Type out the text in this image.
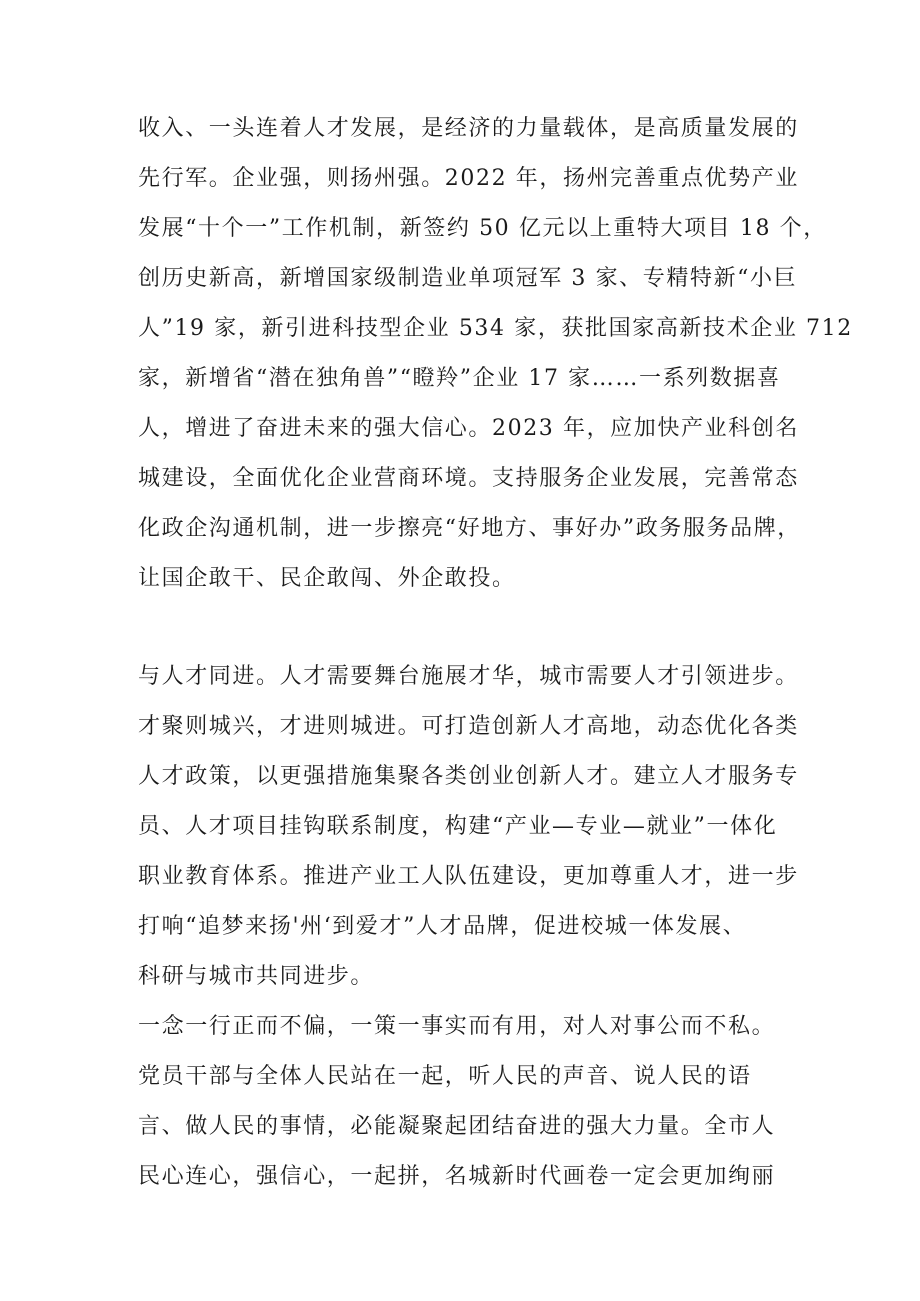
收入、一头连着人才发展，是经济的力量载体，是高质量发展的
先行军。企业强，则扬州强。2022 年，扬州完善重点优势产业
发展“十个一”工作机制，新签约 50 亿元以上重特大项目 18 个，
创历史新高，新增国家级制造业单项冠军 3 家、专精特新“小巨
人”19 家，新引进科技型企业 534 家，获批国家高新技术企业 712
家，新增省“潜在独角兽”“瞪羚”企业 17 家……一系列数据喜
人，增进了奋进未来的强大信心。2023 年，应加快产业科创名
城建设，全面优化企业营商环境。支持服务企业发展，完善常态
化政企沟通机制，进一步擦亮“好地方、事好办”政务服务品牌，
让国企敢干、民企敢闯、外企敢投。
与人才同进。人才需要舞台施展才华，城市需要人才引领进步。
才聚则城兴，才进则城进。可打造创新人才高地，动态优化各类
人才政策，以更强措施集聚各类创业创新人才。建立人才服务专
员、人才项目挂钩联系制度，构建“产业—专业—就业”一体化
职业教育体系。推进产业工人队伍建设，更加尊重人才，进一步
打响“追梦来扬'州‘到爱才”人才品牌，促进校城一体发展、
科研与城市共同进步。
一念一行正而不偏，一策一事实而有用，对人对事公而不私。
党员干部与全体人民站在一起，听人民的声音、说人民的语
言、做人民的事情，必能凝聚起团结奋进的强大力量。全市人
民心连心，强信心，一起拼，名城新时代画卷一定会更加绚丽
